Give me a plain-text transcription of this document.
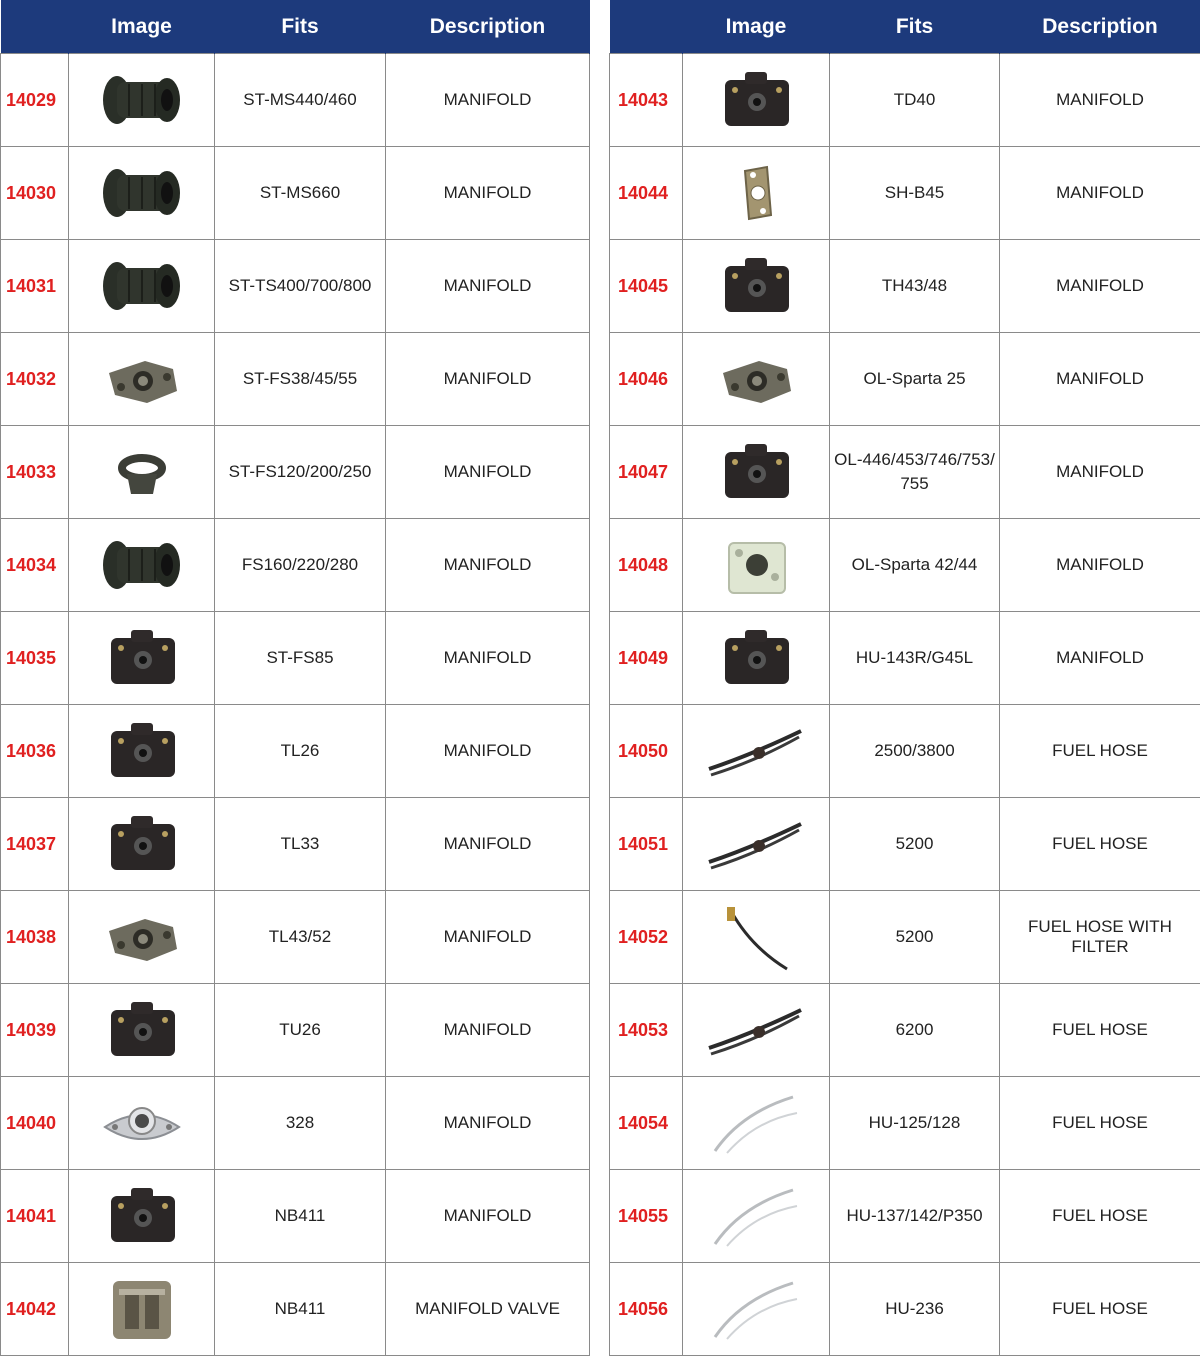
	Image	Fits	Description
14029		ST-MS440/460	MANIFOLD
14030		ST-MS660	MANIFOLD
14031		ST-TS400/700/800	MANIFOLD
14032		ST-FS38/45/55	MANIFOLD
14033		ST-FS120/200/250	MANIFOLD
14034		FS160/220/280	MANIFOLD
14035		ST-FS85	MANIFOLD
14036		TL26	MANIFOLD
14037		TL33	MANIFOLD
14038		TL43/52	MANIFOLD
14039		TU26	MANIFOLD
14040		328	MANIFOLD
14041		NB411	MANIFOLD
14042		NB411	MANIFOLD VALVE
	Image	Fits	Description
14043		TD40	MANIFOLD
14044		SH-B45	MANIFOLD
14045		TH43/48	MANIFOLD
14046		OL-Sparta 25	MANIFOLD
14047		OL-446/453/746/753/ 755	MANIFOLD
14048		OL-Sparta 42/44	MANIFOLD
14049		HU-143R/G45L	MANIFOLD
14050		2500/3800	FUEL HOSE
14051		5200	FUEL HOSE
14052		5200	FUEL HOSE WITH FILTER
14053		6200	FUEL HOSE
14054		HU-125/128	FUEL HOSE
14055		HU-137/142/P350	FUEL HOSE
14056		HU-236	FUEL HOSE
